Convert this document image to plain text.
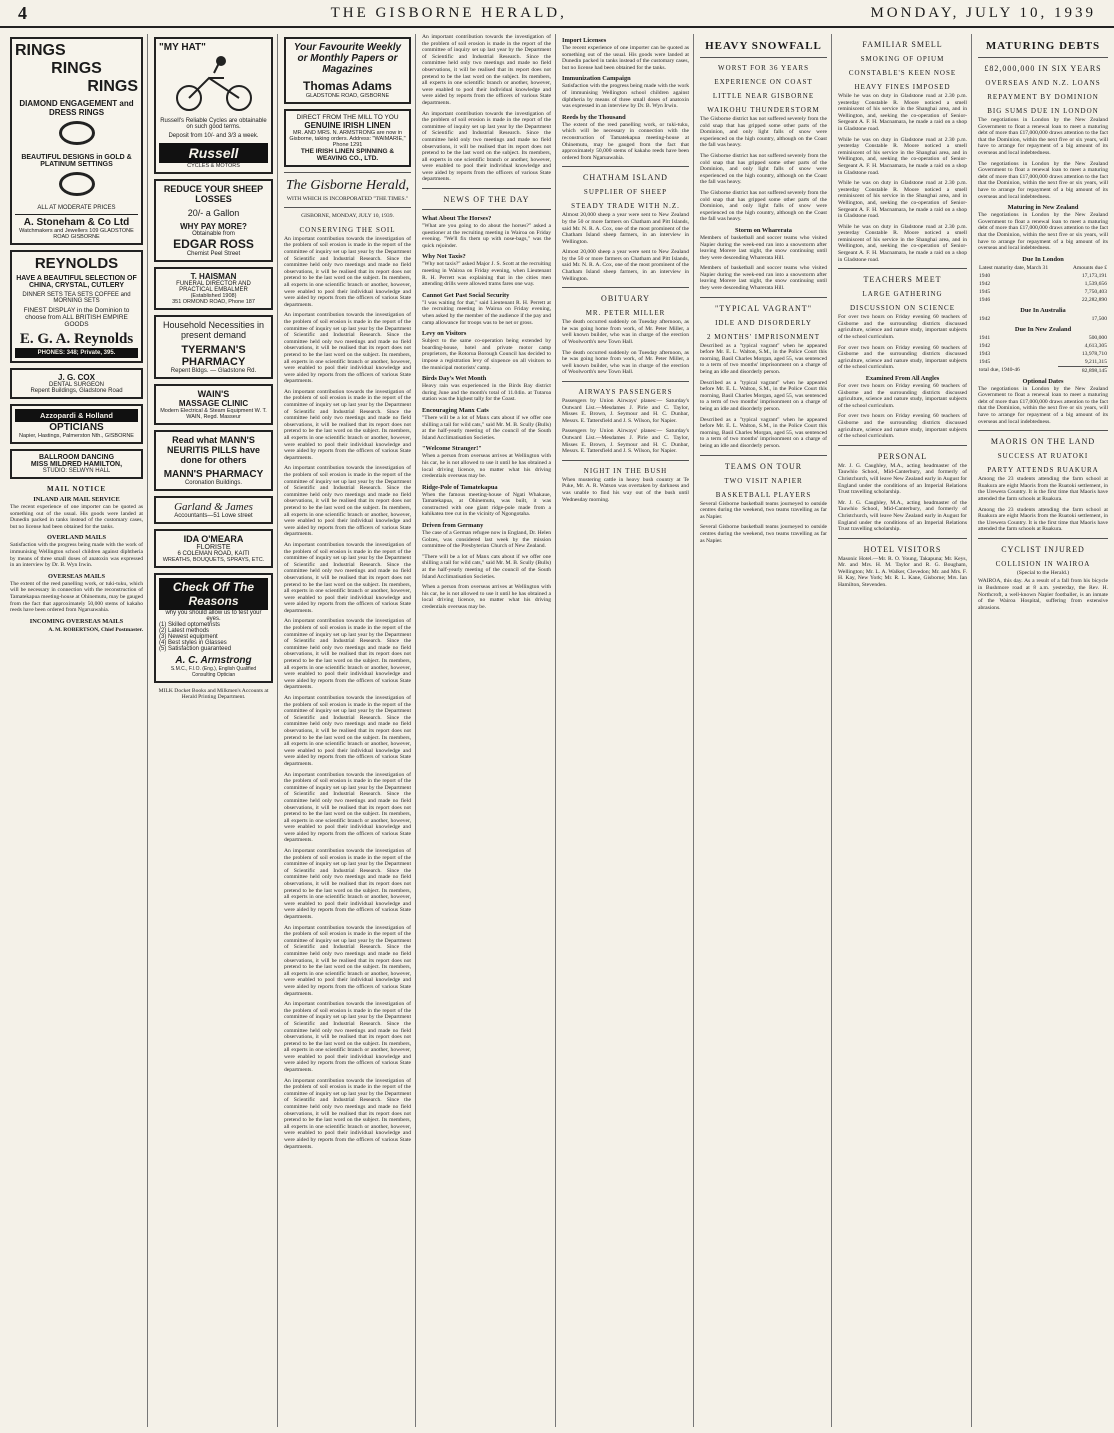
4	THE GISBORNE HERALD,	MONDAY, JULY 10, 1939
RINGS
RINGS
RINGS
DIAMOND ENGAGEMENT and DRESS RINGS
BEAUTIFUL DESIGNS in GOLD & PLATINUM SETTINGS
ALL AT MODERATE PRICES
A. Stoneham & Co Ltd
Watchmakers and Jewellers 109 GLADSTONE ROAD GISBORNE
REYNOLDS
HAVE A BEAUTIFUL SELECTION OF CHINA, CRYSTAL, CUTLERY
DINNER SETS TEA SETS COFFEE and MORNING SETS
FINEST DISPLAY in the Dominion to choose from ALL BRITISH EMPIRE GOODS
E. G. A. Reynolds
PHONES: 348; Private, 395.
J. G. COX
DENTAL SURGEON
Repent Buildings, Gladstone Road
Azzopardi & Holland
OPTICIANS
Napier, Hastings, Palmerston Nth., GISBORNE
BALLROOM DANCING
MISS MILDRED HAMILTON,
STUDIO: SELWYN HALL
MAIL NOTICE
INLAND AIR MAIL SERVICE

The recent experience of one importer can be quoted as something out of the usual. His goods were landed at Dunedin packed in tanks instead of the customary cases, but no license had been obtained for the tanks.

OVERLAND MAILS

Satisfaction with the progress being made with the work of immunising Wellington school children against diphtheria by means of three small doses of anatoxin was expressed in an interview by Dr. B. Wyn Irwin.

OVERSEAS MAILS

The extent of the reed panelling work, or tuki-tuku, which will be necessary in connection with the reconstruction of Tamatekapua meeting-house at Ohinemutu, may be gauged from the fact that approximately 50,000 stems of kakaho reeds have been ordered from Ngaruawahia.

INCOMING OVERSEAS MAILS
A. M. ROBERTSON, Chief Postmaster.
"MY HAT"
Russell's Reliable Cycles are obtainable on such good terms.
Deposit from 10/- and 3/3 a week.
Russell
CYCLES & MOTORS
REDUCE YOUR SHEEP LOSSES
20/- a Gallon
WHY PAY MORE?
Obtainable from
EDGAR ROSS
Chemist Peel Street
T. HAISMAN
FUNERAL DIRECTOR AND PRACTICAL EMBALMER
(Established 1908)
351 ORMOND ROAD, Phone 187
Household Necessities in present demand
TYERMAN'S PHARMACY
Repent Bldgs. — Gladstone Rd.
WAIN'S
MASSAGE CLINIC
Modern Electrical & Steam Equipment W. T. WAIN, Regd. Masseur
Read what MANN'S NEURITIS PILLS have done for others
MANN'S PHARMACY
Coronation Buildings.
Garland & James
Accountants—51 Lowe street
IDA O'MEARA
FLORISTE
6 COLEMAN ROAD, KAITI
WREATHS, BOUQUETS, SPRAYS, ETC.
Check Off The Reasons
why you should allow us to test your eyes.
(1) Skilled optometrists
(2) Latest methods
(3) Newest equipment
(4) Best styles in Glasses
(5) Satisfaction guaranteed
A. C. Armstrong
S.M.C., F.I.O. (Eng.), English Qualified Consulting Optician
MILK Docket Books and Milkmen's Accounts at Herald Printing Department.
Your Favourite Weekly or Monthly Papers or Magazines
Thomas Adams
GLADSTONE ROAD, GISBORNE
DIRECT FROM THE MILL TO YOU
GENUINE IRISH LINEN
MR. AND MRS. N. ARMSTRONG are now in Gisborne, taking orders. Address: "WAIMARIE," Phone 1291
THE IRISH LINEN SPINNING & WEAVING CO., LTD.
The Gisborne Herald,
WITH WHICH IS INCORPORATED "THE TIMES."
GISBORNE, MONDAY, JULY 10, 1939.
CONSERVING THE SOIL

An important contribution towards the investigation of the problem of soil erosion is made in the report of the committee of inquiry set up last year by the Department of Scientific and Industrial Research. Since the committee held only two meetings and made no field observations, it will be realised that its report does not pretend to be the last word on the subject. Its members, all experts in one scientific branch or another, however, were enabled to pool their individual knowledge and were aided by reports from the officers of various State departments.

An important contribution towards the investigation of the problem of soil erosion is made in the report of the committee of inquiry set up last year by the Department of Scientific and Industrial Research. Since the committee held only two meetings and made no field observations, it will be realised that its report does not pretend to be the last word on the subject. Its members, all experts in one scientific branch or another, however, were enabled to pool their individual knowledge and were aided by reports from the officers of various State departments.

An important contribution towards the investigation of the problem of soil erosion is made in the report of the committee of inquiry set up last year by the Department of Scientific and Industrial Research. Since the committee held only two meetings and made no field observations, it will be realised that its report does not pretend to be the last word on the subject. Its members, all experts in one scientific branch or another, however, were enabled to pool their individual knowledge and were aided by reports from the officers of various State departments.

An important contribution towards the investigation of the problem of soil erosion is made in the report of the committee of inquiry set up last year by the Department of Scientific and Industrial Research. Since the committee held only two meetings and made no field observations, it will be realised that its report does not pretend to be the last word on the subject. Its members, all experts in one scientific branch or another, however, were enabled to pool their individual knowledge and were aided by reports from the officers of various State departments.

An important contribution towards the investigation of the problem of soil erosion is made in the report of the committee of inquiry set up last year by the Department of Scientific and Industrial Research. Since the committee held only two meetings and made no field observations, it will be realised that its report does not pretend to be the last word on the subject. Its members, all experts in one scientific branch or another, however, were enabled to pool their individual knowledge and were aided by reports from the officers of various State departments.

An important contribution towards the investigation of the problem of soil erosion is made in the report of the committee of inquiry set up last year by the Department of Scientific and Industrial Research. Since the committee held only two meetings and made no field observations, it will be realised that its report does not pretend to be the last word on the subject. Its members, all experts in one scientific branch or another, however, were enabled to pool their individual knowledge and were aided by reports from the officers of various State departments.

An important contribution towards the investigation of the problem of soil erosion is made in the report of the committee of inquiry set up last year by the Department of Scientific and Industrial Research. Since the committee held only two meetings and made no field observations, it will be realised that its report does not pretend to be the last word on the subject. Its members, all experts in one scientific branch or another, however, were enabled to pool their individual knowledge and were aided by reports from the officers of various State departments.

An important contribution towards the investigation of the problem of soil erosion is made in the report of the committee of inquiry set up last year by the Department of Scientific and Industrial Research. Since the committee held only two meetings and made no field observations, it will be realised that its report does not pretend to be the last word on the subject. Its members, all experts in one scientific branch or another, however, were enabled to pool their individual knowledge and were aided by reports from the officers of various State departments.

An important contribution towards the investigation of the problem of soil erosion is made in the report of the committee of inquiry set up last year by the Department of Scientific and Industrial Research. Since the committee held only two meetings and made no field observations, it will be realised that its report does not pretend to be the last word on the subject. Its members, all experts in one scientific branch or another, however, were enabled to pool their individual knowledge and were aided by reports from the officers of various State departments.

An important contribution towards the investigation of the problem of soil erosion is made in the report of the committee of inquiry set up last year by the Department of Scientific and Industrial Research. Since the committee held only two meetings and made no field observations, it will be realised that its report does not pretend to be the last word on the subject. Its members, all experts in one scientific branch or another, however, were enabled to pool their individual knowledge and were aided by reports from the officers of various State departments.

An important contribution towards the investigation of the problem of soil erosion is made in the report of the committee of inquiry set up last year by the Department of Scientific and Industrial Research. Since the committee held only two meetings and made no field observations, it will be realised that its report does not pretend to be the last word on the subject. Its members, all experts in one scientific branch or another, however, were enabled to pool their individual knowledge and were aided by reports from the officers of various State departments.

An important contribution towards the investigation of the problem of soil erosion is made in the report of the committee of inquiry set up last year by the Department of Scientific and Industrial Research. Since the committee held only two meetings and made no field observations, it will be realised that its report does not pretend to be the last word on the subject. Its members, all experts in one scientific branch or another, however, were enabled to pool their individual knowledge and were aided by reports from the officers of various State departments.

An important contribution towards the investigation of the problem of soil erosion is made in the report of the committee of inquiry set up last year by the Department of Scientific and Industrial Research. Since the committee held only two meetings and made no field observations, it will be realised that its report does not pretend to be the last word on the subject. Its members, all experts in one scientific branch or another, however, were enabled to pool their individual knowledge and were aided by reports from the officers of various State departments.

An important contribution towards the investigation of the problem of soil erosion is made in the report of the committee of inquiry set up last year by the Department of Scientific and Industrial Research. Since the committee held only two meetings and made no field observations, it will be realised that its report does not pretend to be the last word on the subject. Its members, all experts in one scientific branch or another, however, were enabled to pool their individual knowledge and were aided by reports from the officers of various State departments.

NEWS OF THE DAY
What About The Horses?

"What are you going to do about the horses?" asked a questioner at the recruiting meeting in Wairoa on Friday evening. "We'll fix them up with nose-bags," was the quick rejoinder.

Why Not Taxis?

"Why not taxis?" asked Major J. S. Scott at the recruiting meeting in Wairoa on Friday evening, when Lieutenant R. H. Perrett was explaining that in the cities men attending drills were allowed trams fares one way.

Cannot Get Past Social Security

"I was waiting for that," said Lieutenant R. H. Perrett at the recruiting meeting in Wairoa on Friday evening, when asked by the member of the audience if the pay and camp allowance for troops was to be net or gross.

Levy on Visitors

Subject to the same co-operation being extended by boarding-house, hotel and private motor camp proprietors, the Rotorua Borough Council has decided to impose a registration levy of sixpence on all visitors to the municipal motorists' camp.

Birds Day's Wet Month

Heavy rain was experienced in the Birds Bay district during June and the month's total of 11.04in. at Tutaroa station was the highest tally for the Coast.

Encouraging Manx Cats

"There will be a lot of Manx cats about if we offer one shilling a tail for wild cats," said Mr. M. B. Scully (Bulls) at the half-yearly meeting of the council of the South Island Acclimatisation Societies.

"Welcome Stranger!"

When a person from overseas arrives at Wellington with his car, he is not allowed to use it until he has obtained a local driving licence, no matter what his driving credentials overseas may be.

Ridge-Pole of Tamatekapua

When the famous meeting-house of Ngati Whakaue, Tamatekapua, at Ohinemutu, was built, it was constructed with one giant ridge-pole made from a kahikatea tree cut in the vicinity of Ngongotaha.

Driven from Germany

The case of a German refugee now in England, Dr. Helen Golzes, was considered last week by the mission committee of the Presbyterian Church of New Zealand.

"There will be a lot of Manx cats about if we offer one shilling a tail for wild cats," said Mr. M. B. Scully (Bulls) at the half-yearly meeting of the council of the South Island Acclimatisation Societies.

When a person from overseas arrives at Wellington with his car, he is not allowed to use it until he has obtained a local driving licence, no matter what his driving credentials overseas may be.

Import Licenses

The recent experience of one importer can be quoted as something out of the usual. His goods were landed at Dunedin packed in tanks instead of the customary cases, but no license had been obtained for the tanks.

Immunization Campaign

Satisfaction with the progress being made with the work of immunising Wellington school children against diphtheria by means of three small doses of anatoxin was expressed in an interview by Dr. B. Wyn Irwin.

Reeds by the Thousand

The extent of the reed panelling work, or tuki-tuku, which will be necessary in connection with the reconstruction of Tamatekapua meeting-house at Ohinemutu, may be gauged from the fact that approximately 50,000 stems of kakaho reeds have been ordered from Ngaruawahia.

CHATHAM ISLAND
SUPPLIER OF SHEEP
STEADY TRADE WITH N.Z.

Almost 20,000 sheep a year were sent to New Zealand by the 50 or more farmers on Chatham and Pitt Islands, said Mr. N. R. A. Cox, one of the most prominent of the Chatham Island sheep farmers, in an interview in Wellington.

Almost 20,000 sheep a year were sent to New Zealand by the 50 or more farmers on Chatham and Pitt Islands, said Mr. N. R. A. Cox, one of the most prominent of the Chatham Island sheep farmers, in an interview in Wellington.

OBITUARY
MR. PETER MILLER

The death occurred suddenly on Tuesday afternoon, as he was going home from work, of Mr. Peter Miller, a well known builder, who was in charge of the erection of Woolworth's new Town Hall.

The death occurred suddenly on Tuesday afternoon, as he was going home from work, of Mr. Peter Miller, a well known builder, who was in charge of the erection of Woolworth's new Town Hall.

AIRWAYS PASSENGERS

Passengers by Union Airways' planes:— Saturday's Outward List.—Mesdames J. Pirie and C. Taylor, Misses E. Brown, J. Seymour and H. C. Dunbar, Messrs. E. Tattersfield and J. S. Wilson, for Napier.

Passengers by Union Airways' planes:— Saturday's Outward List.—Mesdames J. Pirie and C. Taylor, Misses E. Brown, J. Seymour and H. C. Dunbar, Messrs. E. Tattersfield and J. S. Wilson, for Napier.

NIGHT IN THE BUSH

When mustering cattle in heavy bush country at Te Puke, Mr. A. R. Watson was overtaken by darkness and was unable to find his way out of the bush until Wednesday morning.

HEAVY SNOWFALL
WORST FOR 36 YEARS
EXPERIENCE ON COAST
LITTLE NEAR GISBORNE
WAIKOHU THUNDERSTORM

The Gisborne district has not suffered severely from the cold snap that has gripped some other parts of the Dominion, and only light falls of snow were experienced on the high country, although on the Coast the fall was heavy.

The Gisborne district has not suffered severely from the cold snap that has gripped some other parts of the Dominion, and only light falls of snow were experienced on the high country, although on the Coast the fall was heavy.

The Gisborne district has not suffered severely from the cold snap that has gripped some other parts of the Dominion, and only light falls of snow were experienced on the high country, although on the Coast the fall was heavy.

Storm on Wharerata

Members of basketball and soccer teams who visited Napier during the week-end ran into a snowstorm after leaving Morere last night, the snow continuing until they were descending Wharerata Hill.

Members of basketball and soccer teams who visited Napier during the week-end ran into a snowstorm after leaving Morere last night, the snow continuing until they were descending Wharerata Hill.

"TYPICAL VAGRANT"
IDLE AND DISORDERLY
2 MONTHS' IMPRISONMENT

Described as a "typical vagrant" when he appeared before Mr. E. L. Walton, S.M., in the Police Court this morning, Basil Charles Morgan, aged 55, was sentenced to a term of two months' imprisonment on a charge of being an idle and disorderly person.

Described as a "typical vagrant" when he appeared before Mr. E. L. Walton, S.M., in the Police Court this morning, Basil Charles Morgan, aged 55, was sentenced to a term of two months' imprisonment on a charge of being an idle and disorderly person.

Described as a "typical vagrant" when he appeared before Mr. E. L. Walton, S.M., in the Police Court this morning, Basil Charles Morgan, aged 55, was sentenced to a term of two months' imprisonment on a charge of being an idle and disorderly person.

TEAMS ON TOUR
TWO VISIT NAPIER
BASKETBALL PLAYERS

Several Gisborne basketball teams journeyed to outside centres during the weekend, two teams travelling as far as Napier.

Several Gisborne basketball teams journeyed to outside centres during the weekend, two teams travelling as far as Napier.

FAMILIAR SMELL
SMOKING OF OPIUM
CONSTABLE'S KEEN NOSE
HEAVY FINES IMPOSED

While he was on duty in Gladstone road at 2.30 p.m. yesterday Constable R. Moore noticed a smell reminiscent of his service in the Shanghai area, and in Wellington, and, seeking the co-operation of Senior-Sergeant A. F. H. Macnamara, he made a raid on a shop in Gladstone road.

While he was on duty in Gladstone road at 2.30 p.m. yesterday Constable R. Moore noticed a smell reminiscent of his service in the Shanghai area, and in Wellington, and, seeking the co-operation of Senior-Sergeant A. F. H. Macnamara, he made a raid on a shop in Gladstone road.

While he was on duty in Gladstone road at 2.30 p.m. yesterday Constable R. Moore noticed a smell reminiscent of his service in the Shanghai area, and in Wellington, and, seeking the co-operation of Senior-Sergeant A. F. H. Macnamara, he made a raid on a shop in Gladstone road.

While he was on duty in Gladstone road at 2.30 p.m. yesterday Constable R. Moore noticed a smell reminiscent of his service in the Shanghai area, and in Wellington, and, seeking the co-operation of Senior-Sergeant A. F. H. Macnamara, he made a raid on a shop in Gladstone road.

TEACHERS MEET
LARGE GATHERING
DISCUSSION ON SCIENCE

For over two hours on Friday evening 60 teachers of Gisborne and the surrounding districts discussed agriculture, science and nature study, important subjects of the school curriculum.

For over two hours on Friday evening 60 teachers of Gisborne and the surrounding districts discussed agriculture, science and nature study, important subjects of the school curriculum.

Examined From All Angles

For over two hours on Friday evening 60 teachers of Gisborne and the surrounding districts discussed agriculture, science and nature study, important subjects of the school curriculum.

For over two hours on Friday evening 60 teachers of Gisborne and the surrounding districts discussed agriculture, science and nature study, important subjects of the school curriculum.

PERSONAL

Mr. J. G. Caughley, M.A., acting headmaster of the Tauwhio School, Mid-Canterbury, and formerly of Christchurch, will leave New Zealand early in August for England under the conditions of an Imperial Relations Trust travelling scholarship.

Mr. J. G. Caughley, M.A., acting headmaster of the Tauwhio School, Mid-Canterbury, and formerly of Christchurch, will leave New Zealand early in August for England under the conditions of an Imperial Relations Trust travelling scholarship.

HOTEL VISITORS

Masonic Hotel.—Mr. R. O. Young, Takapuna; Mr. Keys, Mr. and Mrs. H. M. Taylor and R. G. Bougham, Wellington; Mr. L. A. Walker, Clevedon; Mr. and Mrs. F. H. Kay, New York; Mr. R. L. Kane, Gisborne; Mrs. Ian Hamilton, Stevenden.

MATURING DEBTS
£82,000,000 IN SIX YEARS
OVERSEAS AND N.Z. LOANS
REPAYMENT BY DOMINION
BIG SUMS DUE IN LONDON

The negotiations in London by the New Zealand Government to float a renewal loan to meet a maturing debt of more than £17,000,000 draws attention to the fact that the Dominion, within the next five or six years, will have to arrange for repayment of a big amount of its overseas and local indebtedness.

The negotiations in London by the New Zealand Government to float a renewal loan to meet a maturing debt of more than £17,000,000 draws attention to the fact that the Dominion, within the next five or six years, will have to arrange for repayment of a big amount of its overseas and local indebtedness.

Maturing in New Zealand

The negotiations in London by the New Zealand Government to float a renewal loan to meet a maturing debt of more than £17,000,000 draws attention to the fact that the Dominion, within the next five or six years, will have to arrange for repayment of a big amount of its overseas and local indebtedness.

Due In London
Latest maturity date, March 31	Amounts due £
1940	17,173,191
1942	1,539,656
1945	7,750,403
1946	22,282,890
Due In Australia
1942	17,500
Due In New Zealand
1941	500,000
1942	4,613,305
1943	13,978,710
1945	9,211,315
total due, 1940-46	82,898,145
Optional Dates

The negotiations in London by the New Zealand Government to float a renewal loan to meet a maturing debt of more than £17,000,000 draws attention to the fact that the Dominion, within the next five or six years, will have to arrange for repayment of a big amount of its overseas and local indebtedness.

MAORIS ON THE LAND
SUCCESS AT RUATOKI
PARTY ATTENDS RUAKURA

Among the 23 students attending the farm school at Ruakura are eight Maoris from the Ruatoki settlement, in the Urewera Country. It is the first time that Maoris have attended the farm schools at Ruakura.

Among the 23 students attending the farm school at Ruakura are eight Maoris from the Ruatoki settlement, in the Urewera Country. It is the first time that Maoris have attended the farm schools at Ruakura.

CYCLIST INJURED
COLLISION IN WAIROA
(Special to the Herald.)

WAIROA, this day. As a result of a fall from his bicycle in Bushmore road at 8 a.m. yesterday, the Rev. H. Northcroft, a well-known Napier footballer, is an inmate of the Wairoa Hospital, suffering from extensive abrasions.
